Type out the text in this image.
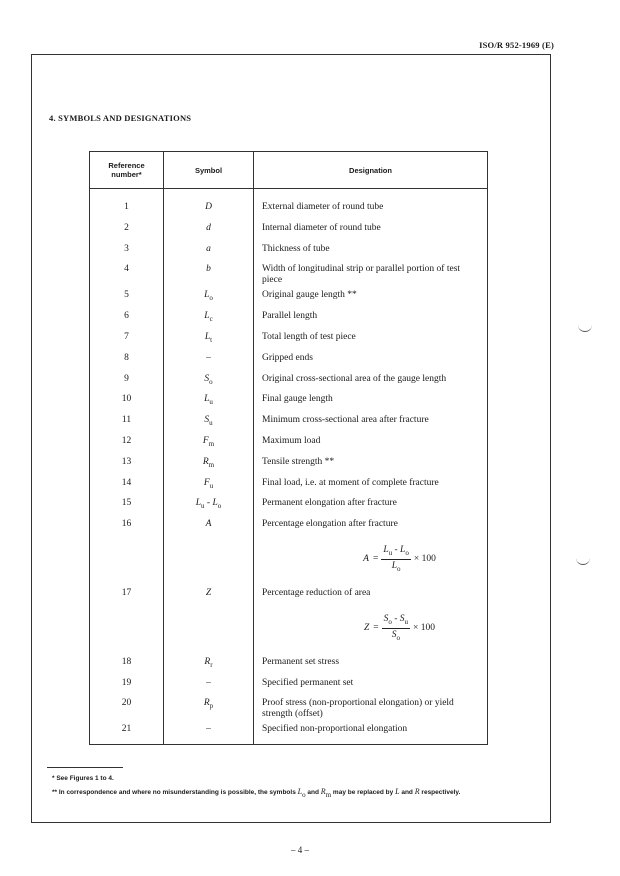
ISO/R 952-1969 (E)
4. SYMBOLS AND DESIGNATIONS
Reference number*	Symbol	Designation

1	D	External diameter of round tube
2	d	Internal diameter of round tube
3	a	Thickness of tube
4	b	Width of longitudinal strip or parallel portion of test piece
5	$L_o$	Original gauge length **
6	$L_c$	Parallel length
7	$L_t$	Total length of test piece
8	–	Gripped ends
9	$S_o$	Original cross-sectional area of the gauge length
10	$L_u$	Final gauge length
11	$S_u$	Minimum cross-sectional area after fracture
12	$F_m$	Maximum load
13	$R_m$	Tensile strength **
14	$F_u$	Final load, i.e. at moment of complete fracture
15	$L_u - L_o$	Permanent elongation after fracture
16	A	Percentage elongation after fracture

		$A = \frac{L_u - L_o}{L_o} \times 100$

17	Z	Percentage reduction of area

		$Z = \frac{S_o - S_u}{S_o} \times 100$

18	$R_r$	Permanent set stress
19	–	Specified permanent set
20	$R_p$	Proof stress (non-proportional elongation) or yield strength (offset)
21	–	Specified non-proportional elongation
* See Figures 1 to 4.
** In correspondence and where no misunderstanding is possible, the symbols $L_o$ and $R_m$ may be replaced by L and R respectively.
– 4 –
